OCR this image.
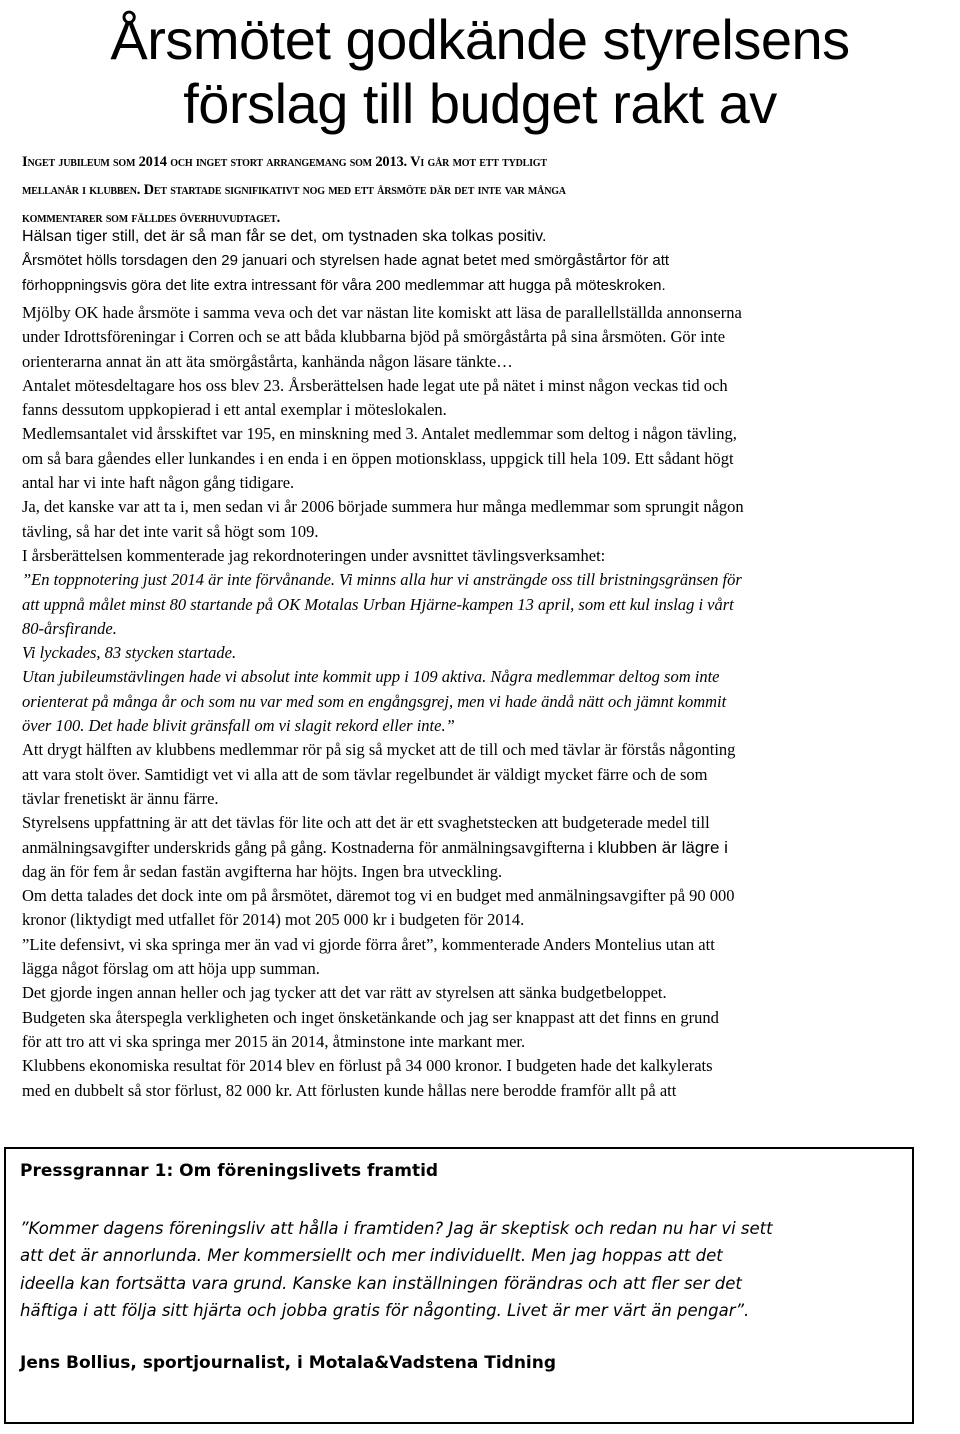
Årsmötet godkände styrelsens
förslag till budget rakt av
Inget jubileum som 2014 och inget stort arrangemang som 2013. Vi går mot ett tydligt
mellanår i klubben. Det startade signifikativt nog med ett årsmöte där det inte var många
kommentarer som fälldes överhuvudtaget.
Hälsan tiger still, det är så man får se det, om tystnaden ska tolkas positiv.

Årsmötet hölls torsdagen den 29 januari och styrelsen hade agnat betet med smörgåstårtor för att

förhoppningsvis göra det lite extra intressant för våra 200 medlemmar att hugga på möteskroken.

Mjölby OK hade årsmöte i samma veva och det var nästan lite komiskt att läsa de parallellställda annonserna
under Idrottsföreningar i Corren och se att båda klubbarna bjöd på smörgåstårta på sina årsmöten. Gör inte
orienterarna annat än att äta smörgåstårta, kanhända någon läsare tänkte…
Antalet mötesdeltagare hos oss blev 23. Årsberättelsen hade legat ute på nätet i minst någon veckas tid och
fanns dessutom uppkopierad i ett antal exemplar i möteslokalen.
Medlemsantalet vid årsskiftet var 195, en minskning med 3. Antalet medlemmar som deltog i någon tävling,
om så bara gåendes eller lunkandes i en enda i en öppen motionsklass, uppgick till hela 109. Ett sådant högt
antal har vi inte haft någon gång tidigare.
Ja, det kanske var att ta i, men sedan vi år 2006 började summera hur många medlemmar som sprungit någon
tävling, så har det inte varit så högt som 109.
I årsberättelsen kommenterade jag rekordnoteringen under avsnittet tävlingsverksamhet:
”En toppnotering just 2014 är inte förvånande. Vi minns alla hur vi ansträngde oss till bristningsgränsen för
att uppnå målet minst 80 startande på OK Motalas Urban Hjärne-kampen 13 april, som ett kul inslag i vårt
80-årsfirande.
Vi lyckades, 83 stycken startade.
Utan jubileumstävlingen hade vi absolut inte kommit upp i 109 aktiva. Några medlemmar deltog som inte
orienterat på många år och som nu var med som en engångsgrej, men vi hade ändå nätt och jämnt kommit
över 100. Det hade blivit gränsfall om vi slagit rekord eller inte.”
Att drygt hälften av klubbens medlemmar rör på sig så mycket att de till och med tävlar är förstås någonting
att vara stolt över. Samtidigt vet vi alla att de som tävlar regelbundet är väldigt mycket färre och de som
tävlar frenetiskt är ännu färre.
Styrelsens uppfattning är att det tävlas för lite och att det är ett svaghetstecken att budgeterade medel till
anmälningsavgifter underskrids gång på gång. Kostnaderna för anmälningsavgifterna i klubben är lägre i
dag än för fem år sedan fastän avgifterna har höjts. Ingen bra utveckling.
Om detta talades det dock inte om på årsmötet, däremot tog vi en budget med anmälningsavgifter på 90 000
kronor (liktydigt med utfallet för 2014) mot 205 000 kr i budgeten för 2014.
”Lite defensivt, vi ska springa mer än vad vi gjorde förra året”, kommenterade Anders Montelius utan att
lägga något förslag om att höja upp summan.
Det gjorde ingen annan heller och jag tycker att det var rätt av styrelsen att sänka budgetbeloppet.
Budgeten ska återspegla verkligheten och inget önsketänkande och jag ser knappast att det finns en grund
för att tro att vi ska springa mer 2015 än 2014, åtminstone inte markant mer.
Klubbens ekonomiska resultat för 2014 blev en förlust på 34 000 kronor. I budgeten hade det kalkylerats
med en dubbelt så stor förlust, 82 000 kr. Att förlusten kunde hållas nere berodde framför allt på att
Pressgrannar 1: Om föreningslivets framtid
”Kommer dagens föreningsliv att hålla i framtiden? Jag är skeptisk och redan nu har vi sett
att det är annorlunda. Mer kommersiellt och mer individuellt. Men jag hoppas att det
ideella kan fortsätta vara grund. Kanske kan inställningen förändras och att fler ser det
häftiga i att följa sitt hjärta och jobba gratis för någonting. Livet är mer värt än pengar”.
Jens Bollius, sportjournalist, i Motala&Vadstena Tidning
